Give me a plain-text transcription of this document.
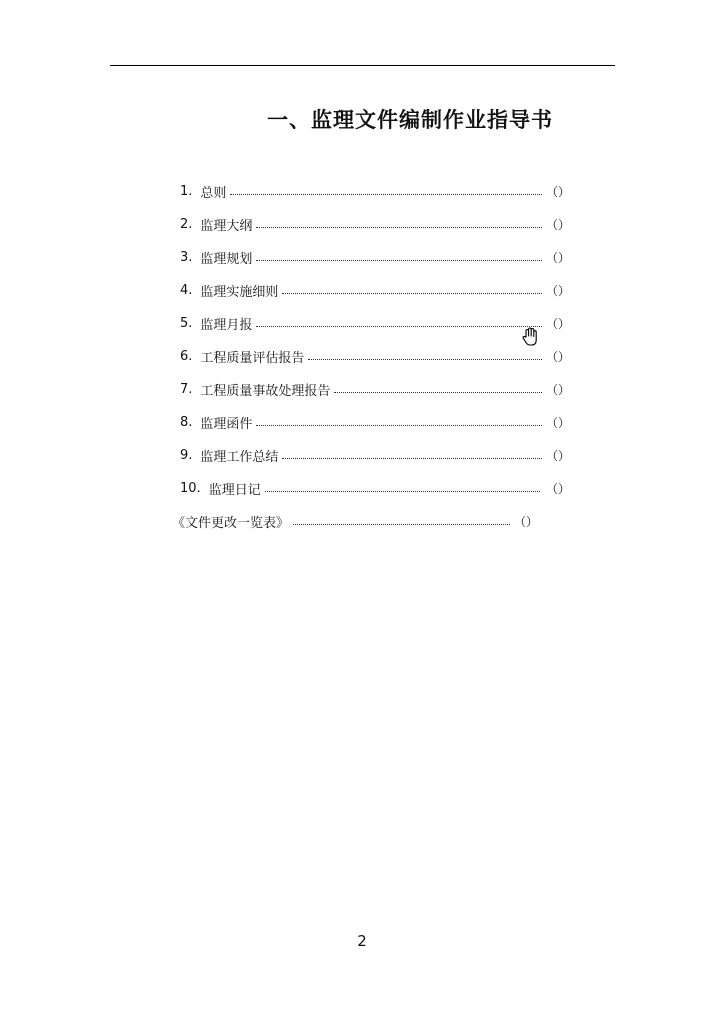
一、监理文件编制作业指导书
1. 总则	（）
2. 监理大纲	（）
3. 监理规划	（）
4. 监理实施细则	（）
5. 监理月报	（）
6. 工程质量评估报告	（）
7. 工程质量事故处理报告	（）
8. 监理函件	（）
9. 监理工作总结	（）
10. 监理日记	（）
《文件更改一览表》	（）
2
